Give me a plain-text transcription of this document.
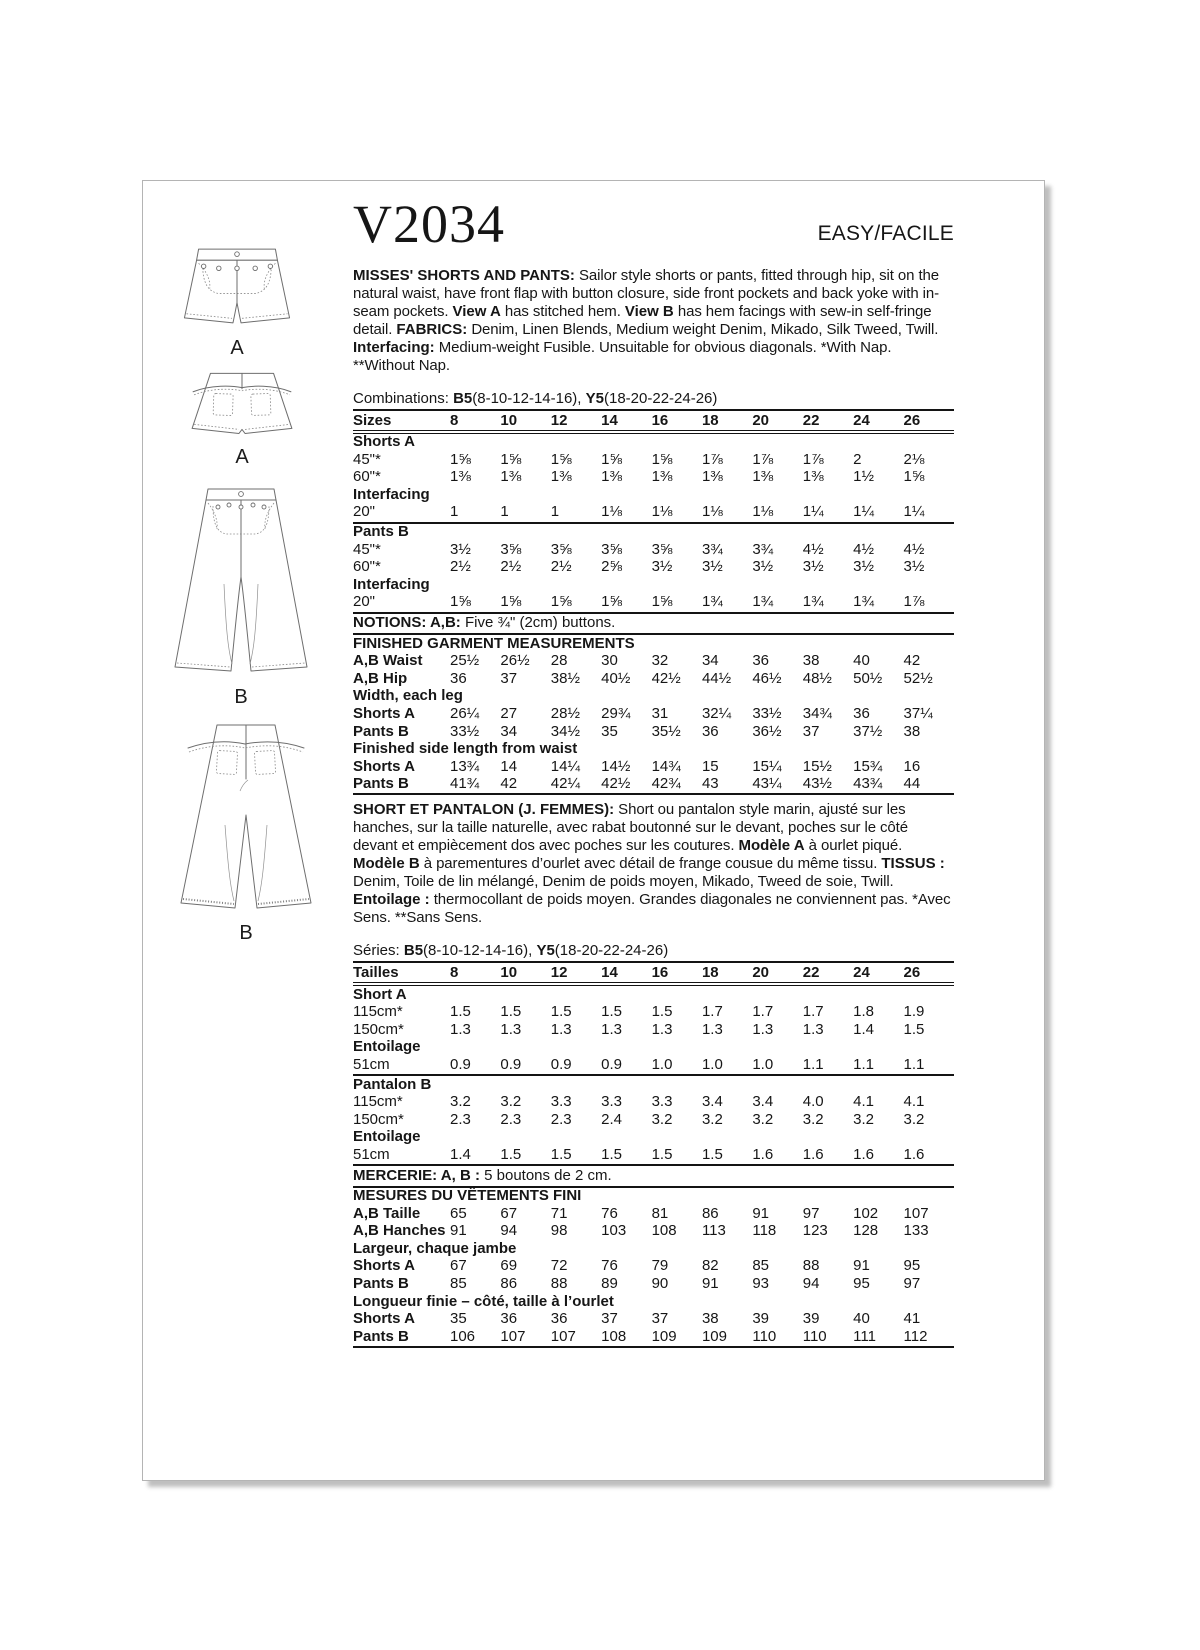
A
A
B
B
V2034	EASY/FACILE
MISSES' SHORTS AND PANTS: Sailor style shorts or pants, fitted through hip, sit on the natural waist, have front flap with button closure, side front pockets and back yoke with in-seam pockets. View A has stitched hem. View B has hem facings with sew-in self-fringe detail. FABRICS: Denim, Linen Blends, Medium weight Denim, Mikado, Silk Tweed, Twill. Interfacing: Medium-weight Fusible. Unsuitable for obvious diagonals. *With Nap. **Without Nap.
Combinations: B5(8-10-12-14-16), Y5(18-20-22-24-26)
Sizes	8	10	12	14	16	18	20	22	24	26
Shorts A										
45"*	1⅝	1⅝	1⅝	1⅝	1⅝	1⅞	1⅞	1⅞	2	2⅛
60"*	1⅜	1⅜	1⅜	1⅜	1⅜	1⅜	1⅜	1⅜	1½	1⅝
Interfacing										
20"	1	1	1	1⅛	1⅛	1⅛	1⅛	1¼	1¼	1¼
Pants B										
45"*	3½	3⅝	3⅝	3⅝	3⅝	3¾	3¾	4½	4½	4½
60"*	2½	2½	2½	2⅝	3½	3½	3½	3½	3½	3½
Interfacing										
20"	1⅝	1⅝	1⅝	1⅝	1⅝	1¾	1¾	1¾	1¾	1⅞
NOTIONS: A,B: Five ¾" (2cm) buttons.										
FINISHED GARMENT MEASUREMENTS										
A,B Waist	25½	26½	28	30	32	34	36	38	40	42
A,B Hip	36	37	38½	40½	42½	44½	46½	48½	50½	52½
Width, each leg										
Shorts A	26¼	27	28½	29¾	31	32¼	33½	34¾	36	37¼
Pants B	33½	34	34½	35	35½	36	36½	37	37½	38
Finished side length from waist										
Shorts A	13¾	14	14¼	14½	14¾	15	15¼	15½	15¾	16
Pants B	41¾	42	42¼	42½	42¾	43	43¼	43½	43¾	44
SHORT ET PANTALON (J. FEMMES): Short ou pantalon style marin, ajusté sur les hanches, sur la taille naturelle, avec rabat boutonné sur le devant, poches sur le côté devant et empiècement dos avec poches sur les coutures. Modèle A à ourlet piqué. Modèle B à parementures d’ourlet avec détail de frange cousue du même tissu. TISSUS : Denim, Toile de lin mélangé, Denim de poids moyen, Mikado, Tweed de soie, Twill. Entoilage : thermocollant de poids moyen. Grandes diagonales ne conviennent pas. *Avec Sens. **Sans Sens.
Séries: B5(8-10-12-14-16), Y5(18-20-22-24-26)
Tailles	8	10	12	14	16	18	20	22	24	26
Short A										
115cm*	1.5	1.5	1.5	1.5	1.5	1.7	1.7	1.7	1.8	1.9
150cm*	1.3	1.3	1.3	1.3	1.3	1.3	1.3	1.3	1.4	1.5
Entoilage										
51cm	0.9	0.9	0.9	0.9	1.0	1.0	1.0	1.1	1.1	1.1
Pantalon B										
115cm*	3.2	3.2	3.3	3.3	3.3	3.4	3.4	4.0	4.1	4.1
150cm*	2.3	2.3	2.3	2.4	3.2	3.2	3.2	3.2	3.2	3.2
Entoilage										
51cm	1.4	1.5	1.5	1.5	1.5	1.5	1.6	1.6	1.6	1.6
MERCERIE: A, B : 5 boutons de 2 cm.										
MESURES DU VÊTEMENTS FINI										
A,B Taille	65	67	71	76	81	86	91	97	102	107
A,B Hanches	91	94	98	103	108	113	118	123	128	133
Largeur, chaque jambe										
Shorts A	67	69	72	76	79	82	85	88	91	95
Pants B	85	86	88	89	90	91	93	94	95	97
Longueur finie – côté, taille à l’ourlet										
Shorts A	35	36	36	37	37	38	39	39	40	41
Pants B	106	107	107	108	109	109	110	110	111	112
